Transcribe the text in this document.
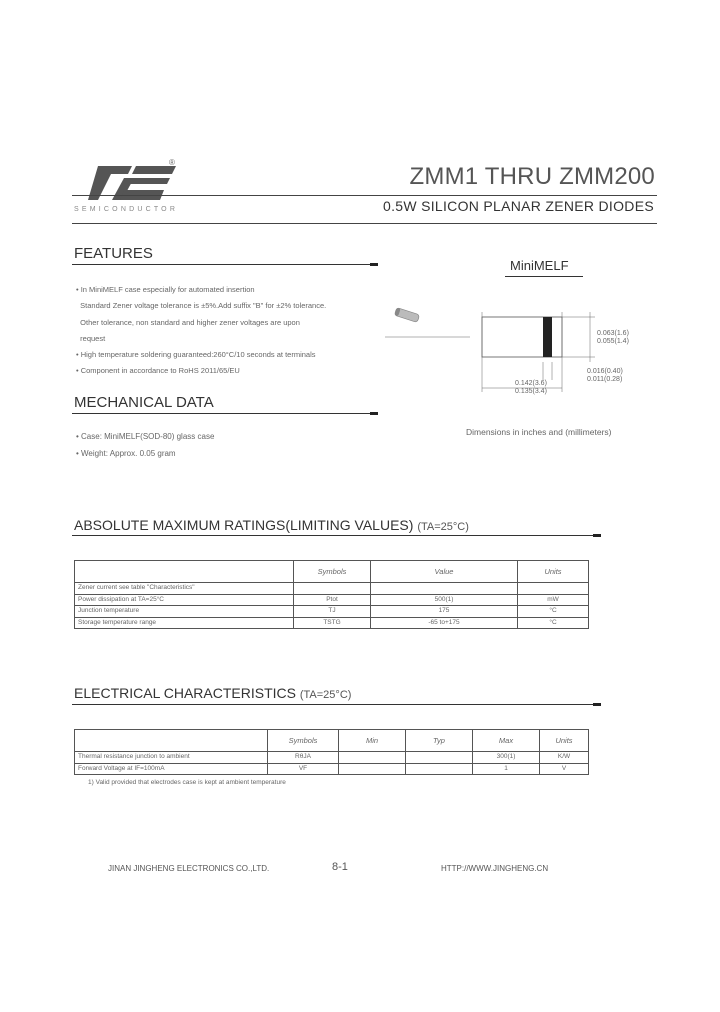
®
SEMICONDUCTOR
ZMM1 THRU ZMM200
0.5W SILICON PLANAR ZENER DIODES
FEATURES
• In MiniMELF case especially for automated insertion
Standard Zener voltage tolerance is ±5%.Add suffix "B" for ±2% tolerance.
Other tolerance, non standard and higher zener voltages are upon
request
• High temperature soldering guaranteed:260°C/10 seconds at terminals
• Component in accordance to RoHS 2011/65/EU
MiniMELF
0.063(1.6)
0.055(1.4)
0.016(0.40)
0.011(0.28)
0.142(3.6)
0.135(3.4)
Dimensions in inches and (millimeters)
MECHANICAL DATA
• Case: MiniMELF(SOD-80) glass case
• Weight: Approx. 0.05 gram
ABSOLUTE MAXIMUM RATINGS(LIMITING VALUES) (TA=25°C)
	Symbols	Value	Units
Zener current see table "Characteristics"			
Power dissipation at TA=25°C	Ptot	500(1)	mW
Junction temperature	TJ	175	°C
Storage temperature range	TSTG	-65 to+175	°C
ELECTRICAL CHARACTERISTICS (TA=25°C)
	Symbols	Min	Typ	Max	Units
Thermal resistance junction to ambient	RθJA			300(1)	K/W
Forward Voltage at IF=100mA	VF			1	V
1) Valid provided that electrodes case is kept at ambient temperature
JINAN JINGHENG ELECTRONICS CO.,LTD.	8-1	HTTP://WWW.JINGHENG.CN
